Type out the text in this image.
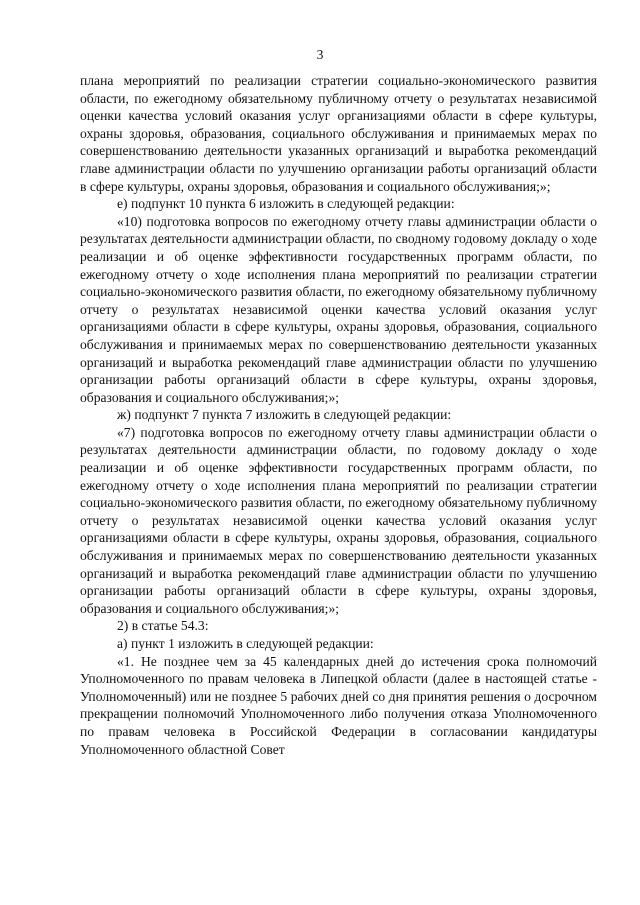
3

плана мероприятий по реализации стратегии социально-экономического развития области, по ежегодному обязательному публичному отчету о результатах независимой оценки качества условий оказания услуг организациями области в сфере культуры, охраны здоровья, образования, социального обслуживания и принимаемых мерах по совершенствованию деятельности указанных организаций и выработка рекомендаций главе администрации области по улучшению организации работы организаций области в сфере культуры, охраны здоровья, образования и социального обслуживания;»;

е) подпункт 10 пункта 6 изложить в следующей редакции:

«10) подготовка вопросов по ежегодному отчету главы администрации области о результатах деятельности администрации области, по сводному годовому докладу о ходе реализации и об оценке эффективности государственных программ области, по ежегодному отчету о ходе исполнения плана мероприятий по реализации стратегии социально-экономического развития области, по ежегодному обязательному публичному отчету о результатах независимой оценки качества условий оказания услуг организациями области в сфере культуры, охраны здоровья, образования, социального обслуживания и принимаемых мерах по совершенствованию деятельности указанных организаций и выработка рекомендаций главе администрации области по улучшению организации работы организаций области в сфере культуры, охраны здоровья, образования и социального обслуживания;»;

ж) подпункт 7 пункта 7 изложить в следующей редакции:

«7) подготовка вопросов по ежегодному отчету главы администрации области о результатах деятельности администрации области, по годовому докладу о ходе реализации и об оценке эффективности государственных программ области, по ежегодному отчету о ходе исполнения плана мероприятий по реализации стратегии социально-экономического развития области, по ежегодному обязательному публичному отчету о результатах независимой оценки качества условий оказания услуг организациями области в сфере культуры, охраны здоровья, образования, социального обслуживания и принимаемых мерах по совершенствованию деятельности указанных организаций и выработка рекомендаций главе администрации области по улучшению организации работы организаций области в сфере культуры, охраны здоровья, образования и социального обслуживания;»;

2) в статье 54.3:

а) пункт 1 изложить в следующей редакции:

«1. Не позднее чем за 45 календарных дней до истечения срока полномочий Уполномоченного по правам человека в Липецкой области (далее в настоящей статье - Уполномоченный) или не позднее 5 рабочих дней со дня принятия решения о досрочном прекращении полномочий Уполномоченного либо получения отказа Уполномоченного по правам человека в Российской Федерации в согласовании кандидатуры Уполномоченного областной Совет
